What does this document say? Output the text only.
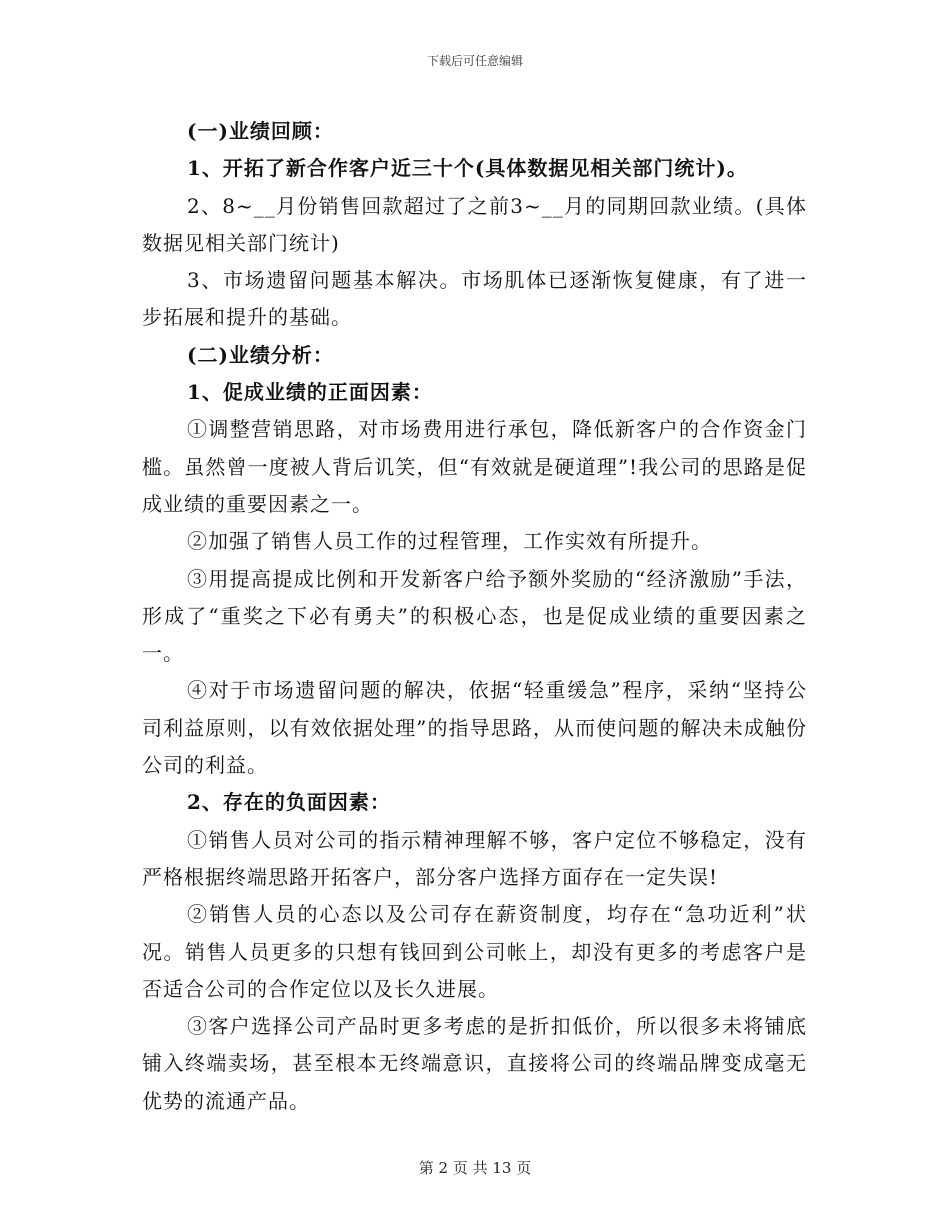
下载后可任意编辑

(一)业绩回顾：

1、开拓了新合作客户近三十个(具体数据见相关部门统计)。

2、8~__月份销售回款超过了之前3~__月的同期回款业绩。(具体数据见相关部门统计)

3、市场遗留问题基本解决。市场肌体已逐渐恢复健康，有了进一步拓展和提升的基础。

(二)业绩分析：

1、促成业绩的正面因素：

①调整营销思路，对市场费用进行承包，降低新客户的合作资金门槛。虽然曾一度被人背后讥笑，但“有效就是硬道理”!我公司的思路是促成业绩的重要因素之一。

②加强了销售人员工作的过程管理，工作实效有所提升。

③用提高提成比例和开发新客户给予额外奖励的“经济激励”手法，形成了“重奖之下必有勇夫”的积极心态，也是促成业绩的重要因素之一。

④对于市场遗留问题的解决，依据“轻重缓急”程序，采纳“坚持公司利益原则，以有效依据处理”的指导思路，从而使问题的解决未成触份公司的利益。

2、存在的负面因素：

①销售人员对公司的指示精神理解不够，客户定位不够稳定，没有严格根据终端思路开拓客户，部分客户选择方面存在一定失误!

②销售人员的心态以及公司存在薪资制度，均存在“急功近利”状况。销售人员更多的只想有钱回到公司帐上，却没有更多的考虑客户是否适合公司的合作定位以及长久进展。

③客户选择公司产品时更多考虑的是折扣低价，所以很多未将铺底铺入终端卖场，甚至根本无终端意识，直接将公司的终端品牌变成毫无优势的流通产品。

第 2 页 共 13 页
